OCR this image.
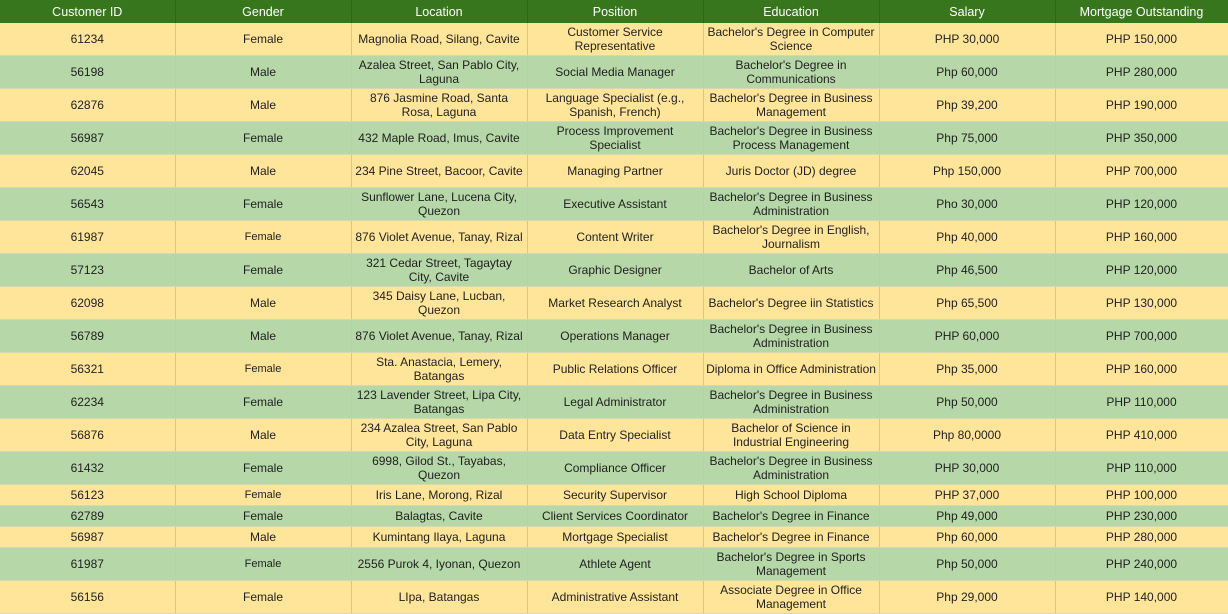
Customer ID	Gender	Location	Position	Education	Salary	Mortgage Outstanding
61234	Female	Magnolia Road, Silang, Cavite	Customer Service Representative	Bachelor's Degree in Computer Science	PHP 30,000	PHP 150,000
56198	Male	Azalea Street, San Pablo City, Laguna	Social Media Manager	Bachelor's Degree in Communications	Php 60,000	PHP 280,000
62876	Male	876 Jasmine Road, Santa Rosa, Laguna	Language Specialist (e.g., Spanish, French)	Bachelor's Degree in Business Management	Php 39,200	PHP 190,000
56987	Female	432 Maple Road, Imus, Cavite	Process Improvement Specialist	Bachelor's Degree in Business Process Management	Php 75,000	PHP 350,000
62045	Male	234 Pine Street, Bacoor, Cavite	Managing Partner	Juris Doctor (JD) degree	Php 150,000	PHP 700,000
56543	Female	Sunflower Lane, Lucena City, Quezon	Executive Assistant	Bachelor's Degree in Business Administration	Pho 30,000	PHP 120,000
61987	Female	876 Violet Avenue, Tanay, Rizal	Content Writer	Bachelor's Degree in English, Journalism	Php 40,000	PHP 160,000
57123	Female	321 Cedar Street, Tagaytay City, Cavite	Graphic Designer	Bachelor of Arts	Php 46,500	PHP 120,000
62098	Male	345 Daisy Lane, Lucban, Quezon	Market Research Analyst	Bachelor's Degree iin Statistics	Php 65,500	PHP 130,000
56789	Male	876 Violet Avenue, Tanay, Rizal	Operations Manager	Bachelor's Degree in Business Administration	PHP 60,000	PHP 700,000
56321	Female	Sta. Anastacia, Lemery, Batangas	Public Relations Officer	Diploma in Office Administration	Php 35,000	PHP 160,000
62234	Female	123 Lavender Street, Lipa City, Batangas	Legal Administrator	Bachelor's Degree in Business Administration	Php 50,000	PHP 110,000
56876	Male	234 Azalea Street, San Pablo City, Laguna	Data Entry Specialist	Bachelor of Science in Industrial Engineering	Php 80,0000	PHP 410,000
61432	Female	6998, Gilod St., Tayabas, Quezon	Compliance Officer	Bachelor's Degree in Business Administration	PHP 30,000	PHP 110,000
56123	Female	Iris Lane, Morong, Rizal	Security Supervisor	High School Diploma	PHP 37,000	PHP 100,000
62789	Female	Balagtas, Cavite	Client Services Coordinator	Bachelor's Degree in Finance	Php 49,000	PHP 230,000
56987	Male	Kumintang Ilaya, Laguna	Mortgage Specialist	Bachelor's Degree in Finance	Php 60,000	PHP 280,000
61987	Female	2556 Purok 4, Iyonan, Quezon	Athlete Agent	Bachelor's Degree in Sports Management	Php 50,000	PHP 240,000
56156	Female	LIpa, Batangas	Administrative Assistant	Associate Degree in Office Management	Php 29,000	PHP 140,000
